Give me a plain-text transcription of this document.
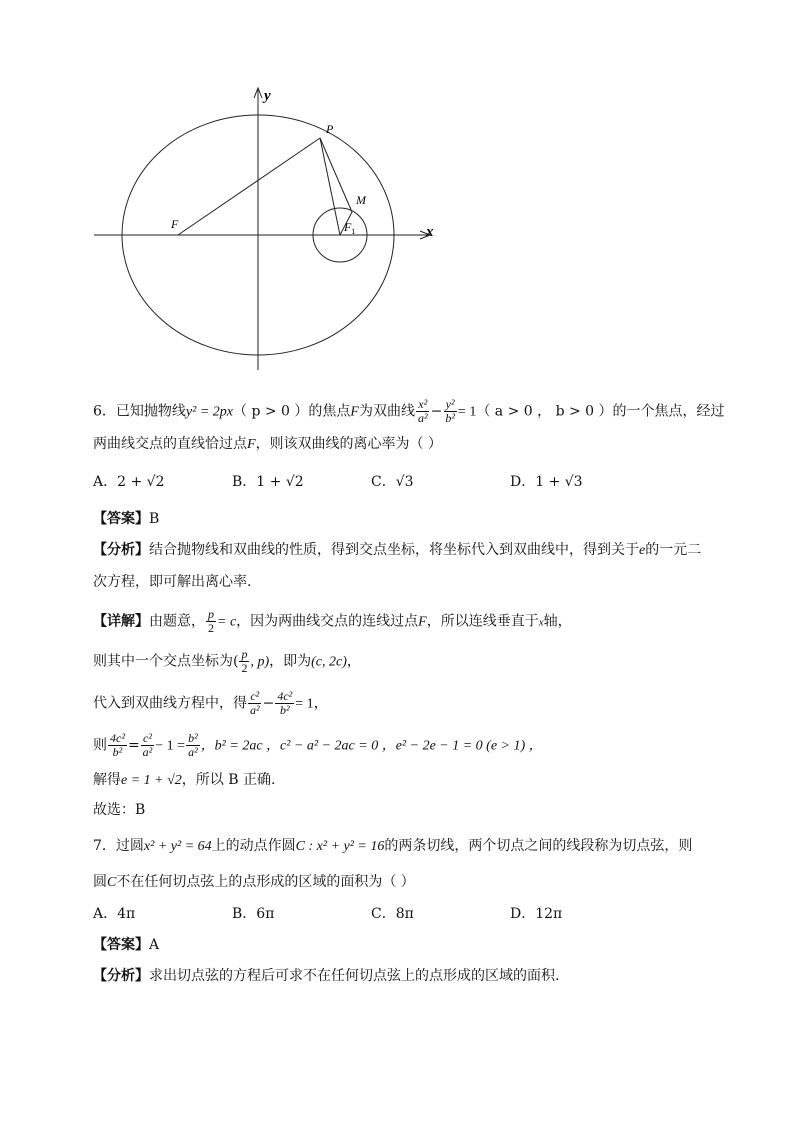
y
x
P
M
F	$F_1$
6．已知抛物线y² = 2px（ p > 0 ）的焦点F为双曲线 $\frac{\text{x²}}{\text{a²}} - \frac{\text{y²}}{\text{b²}} = 1$（ a > 0 ， b > 0 ）的一个焦点，经过
两曲线交点的直线恰过点F，则该双曲线的离心率为（ ）
A．2 + √2	B．1 + √2	C．√3	D．1 + √3
【答案】B
【分析】结合抛物线和双曲线的性质，得到交点坐标，将坐标代入到双曲线中，得到关于e的一元二
次方程，即可解出离心率.
【详解】由题意， $\frac{p}{2} = c$，因为两曲线交点的连线过点F，所以连线垂直于x轴，
则其中一个交点坐标为( $\frac{p}{2}$ , p)，即为(c, 2c)，
代入到双曲线方程中，得 $\frac{\text{c²}}{\text{a²}} - \frac{\text{4c²}}{\text{b²}} = 1$，
则 $\frac{\text{4c²}}{\text{b²}} = \frac{\text{c²}}{\text{a²}} - 1 = \frac{\text{b²}}{\text{a²}}$ ，b² = 2ac ，c² − a² − 2ac = 0 ，e² − 2e − 1 = 0 (e > 1) ，
解得e = 1 + √2，所以 B 正确.
故选：B
7．过圆x² + y² = 64上的动点作圆C : x² + y² = 16的两条切线，两个切点之间的线段称为切点弦，则
圆C不在任何切点弦上的点形成的区域的面积为（ ）
A．4π	B．6π	C．8π	D．12π
【答案】A
【分析】求出切点弦的方程后可求不在任何切点弦上的点形成的区域的面积.
